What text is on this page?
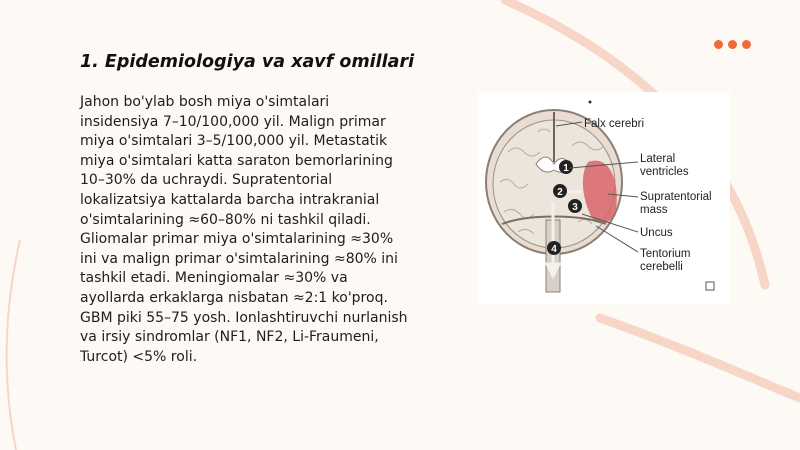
1. Epidemiologiya va xavf omillari

Jahon bo'ylab bosh miya o'simtalari insidensiya 7–10/100,000 yil. Malign primar miya o'simtalari 3–5/100,000 yil. Metastatik miya o'simtalari katta saraton bemorlarining 10–30% da uchraydi. Supratentorial lokalizatsiya kattalarda barcha intrakranial o'simtalarining ≈60–80% ni tashkil qiladi. Gliomalar primar miya o'simtalarining ≈30% ini va malign primar o'simtalarining ≈80% ini tashkil etadi. Meningiomalar ≈30% va ayollarda erkaklarga nisbatan ≈2:1 ko'proq. GBM piki 55–75 yosh. Ionlashtiruvchi nurlanish va irsiy sindromlar (NF1, NF2, Li-Fraumeni, Turcot) <5% roli.

1
2
3
4
Falx cerebri
Lateral
ventricles
Supratentorial
mass
Uncus
Tentorium
cerebelli
